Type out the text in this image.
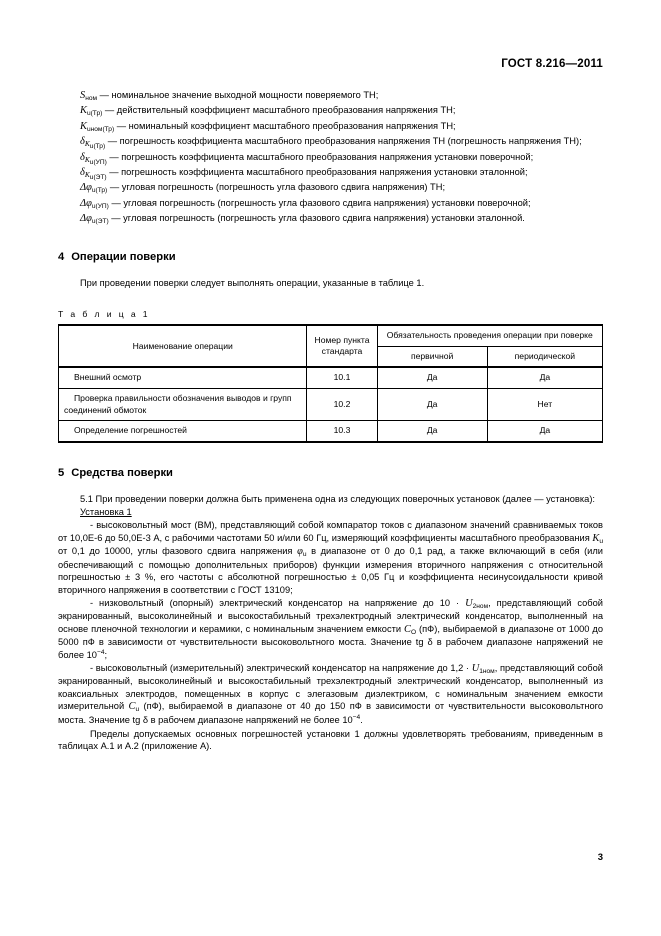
ГОСТ 8.216—2011

$S_{ном}$ — номинальное значение выходной мощности поверяемого ТН;

$K_{u(Тр)}$ — действительный коэффициент масштабного преобразования напряжения ТН;

$K_{uном(Тр)}$ — номинальный коэффициент масштабного преобразования напряжения ТН;

$\delta_{K_{u(Тр)}}$ — погрешность коэффициента масштабного преобразования напряжения ТН (погрешность напряжения ТН);

$\delta_{K_{u(УП)}}$ — погрешность коэффициента масштабного преобразования напряжения установки поверочной;

$\delta_{K_{u(ЭТ)}}$ — погрешность коэффициента масштабного преобразования напряжения установки эталонной;

$\Delta\varphi_{u(Тр)}$ — угловая погрешность (погрешность угла фазового сдвига напряжения) ТН;

$\Delta\varphi_{u(УП)}$ — угловая погрешность (погрешность угла фазового сдвига напряжения) установки поверочной;

$\Delta\varphi_{u(ЭТ)}$ — угловая погрешность (погрешность угла фазового сдвига напряжения) установки эталонной.

4 Операции поверки

При проведении поверки следует выполнять операции, указанные в таблице 1.

Т а б л и ц а 1
Наименование операции	Номер пункта стандарта	Обязательность проведения операции при поверке	
		первичной	периодической
Внешний осмотр	10.1	Да	Да
Проверка правильности обозначения выводов и групп соединений обмоток	10.2	Да	Нет
Определение погрешностей	10.3	Да	Да
5 Средства поверки

5.1 При проведении поверки должна быть применена одна из следующих поверочных установок (далее — установка):

Установка 1

- высоковольтный мост (ВМ), представляющий собой компаратор токов с диапазоном значений сравниваемых токов от 10,0Е-6 до 50,0Е-3 А, с рабочими частотами 50 и/или 60 Гц, измеряющий коэффициенты масштабного преобразования $K_u$ от 0,1 до 10000, углы фазового сдвига напряжения $\varphi_u$ в диапазоне от 0 до 0,1 рад, а также включающий в себя (или обеспечивающий с помощью дополнительных приборов) функции измерения вторичного напряжения с относительной погрешностью ± 3 %, его частоты с абсолютной погрешностью ± 0,05 Гц и коэффициента несинусоидальности кривой вторичного напряжения в соответствии с ГОСТ 13109;

- низковольтный (опорный) электрический конденсатор на напряжение до $10 \cdot U_{2ном}$, представляющий собой экранированный, высоколинейный и высокостабильный трехэлектродный электрический конденсатор, выполненный на основе пленочной технологии и керамики, с номинальным значением емкости $C_O$ (пФ), выбираемой в диапазоне от 1000 до 5000 пФ в зависимости от чувствительности высоковольтного моста. Значение tg δ в рабочем диапазоне напряжений не более $10^{-4}$;

- высоковольтный (измерительный) электрический конденсатор на напряжение до $1,2 \cdot U_{1ном}$, представляющий собой экранированный, высоколинейный и высокостабильный трехэлектродный электрический конденсатор, выполненный из коаксиальных электродов, помещенных в корпус с элегазовым диэлектриком, с номинальным значением емкости измерительной $C_u$ (пФ), выбираемой в диапазоне от 40 до 150 пФ в зависимости от чувствительности высоковольтного моста. Значение tg δ в рабочем диапазоне напряжений не более $10^{-4}$.

Пределы допускаемых основных погрешностей установки 1 должны удовлетворять требованиям, приведенным в таблицах А.1 и А.2 (приложение А).

3
